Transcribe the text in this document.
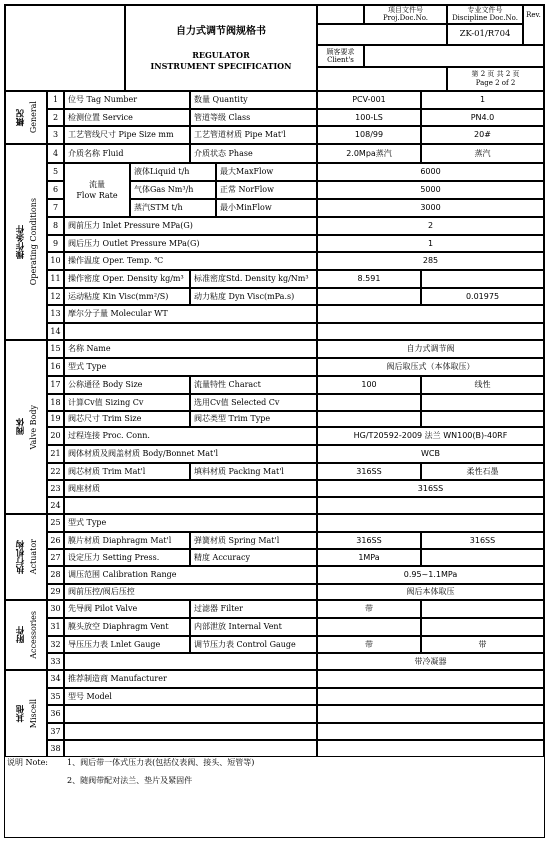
自力式调节阀规格书
REGULATOR
INSTRUMENT SPECIFICATION
项目文件号
Proj.Doc.No.
专业文件号
Discipline Doc.No. Rev.
ZK-01/R704
顾客要求
Client's
第 2 页 共 2 页
Page 2 of 2
概况 General
操作条件 Operating Conditions
阀体 Valve Body
执行机构 Actuator
附件 Accessories
其他 Miscell
1	位号 Tag Number	数量 Quantity	PCV-001	1
2	检测位置 Service	管道等级 Class	100-LS	PN4.0
3	工艺管线尺寸 Pipe Size mm	工艺管道材质 Pipe Mat'l	108/99	20#
4	介质名称 Fluid	介质状态 Phase	2.0Mpa蒸汽	蒸汽
5	液体Liquid t/h	最大MaxFlow	6000
6	气体Gas Nm³/h	正常 NorFlow	5000
7	蒸汽STM t/h	最小MinFlow	3000
8	阀前压力 Inlet Pressure MPa(G)	2
9	阀后压力 Outlet Pressure MPa(G)	1
10 操作温度 Oper. Temp. ℃	285
11 操作密度 Oper. Density kg/m³	标准密度Std. Density kg/Nm³	8.591
12 运动粘度 Kin Visc(mm²/S)	动力粘度 Dyn Visc(mPa.s)	0.01975
13 摩尔分子量 Molecular WT
14
15 名称 Name	自力式调节阀
16 型式 Type	阀后取压式（本体取压）
17 公称通径 Body Size	流量特性 Charact	100	线性
18 计算Cv值 Sizing Cv	选用Cv值 Selected Cv
19 阀芯尺寸 Trim Size	阀芯类型 Trim Type
20 过程连接 Proc. Conn.	HG/T20592-2009 法兰 WN100(B)-40RF
21 阀体材质及阀盖材质 Body/Bonnet Mat'l	WCB
22 阀芯材质 Trim Mat'l	填料材质 Packing Mat'l	316SS	柔性石墨
23 阀座材质	316SS
24
25 型式 Type
26 膜片材质 Diaphragm Mat'l	弹簧材质 Spring Mat'l	316SS	316SS
27 设定压力 Setting Press.	精度 Accuracy	1MPa
28 调压范围 Calibration Range	0.95~1.1MPa
29 阀前压控/阀后压控	阀后本体取压
30 先导阀 Pilot Valve	过滤器 Filter	带
31 膜头放空 Diaphragm Vent	内部泄放 Internal Vent
32 导压压力表 Lnlet Gauge	调节压力表 Control Gauge	带	带
33	带冷凝器
34 推荐制造商 Manufacturer
35 型号 Model
36
37
38
流量
Flow Rate
说明 Note: 1、阀后带一体式压力表(包括仪表阀、接头、短管等)
2、随阀带配对法兰、垫片及紧固件
